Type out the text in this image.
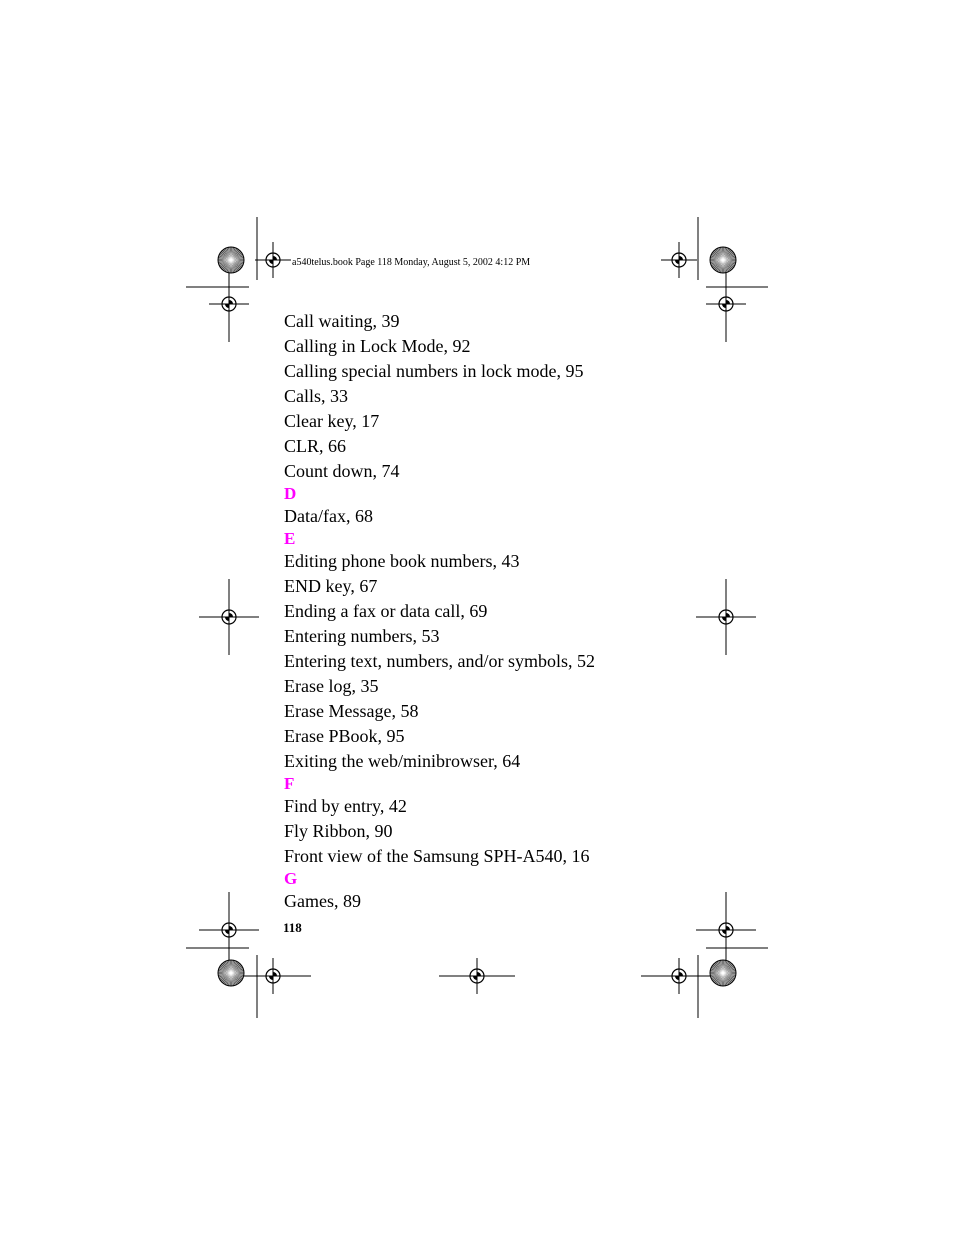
a540telus.book Page 118 Monday, August 5, 2002 4:12 PM
Call waiting, 39
Calling in Lock Mode, 92
Calling special numbers in lock mode, 95
Calls, 33
Clear key, 17
CLR, 66
Count down, 74
D
Data/fax, 68
E
Editing phone book numbers, 43
END key, 67
Ending a fax or data call, 69
Entering numbers, 53
Entering text, numbers, and/or symbols, 52
Erase log, 35
Erase Message, 58
Erase PBook, 95
Exiting the web/minibrowser, 64
F
Find by entry, 42
Fly Ribbon, 90
Front view of the Samsung SPH-A540, 16
G
Games, 89
118
